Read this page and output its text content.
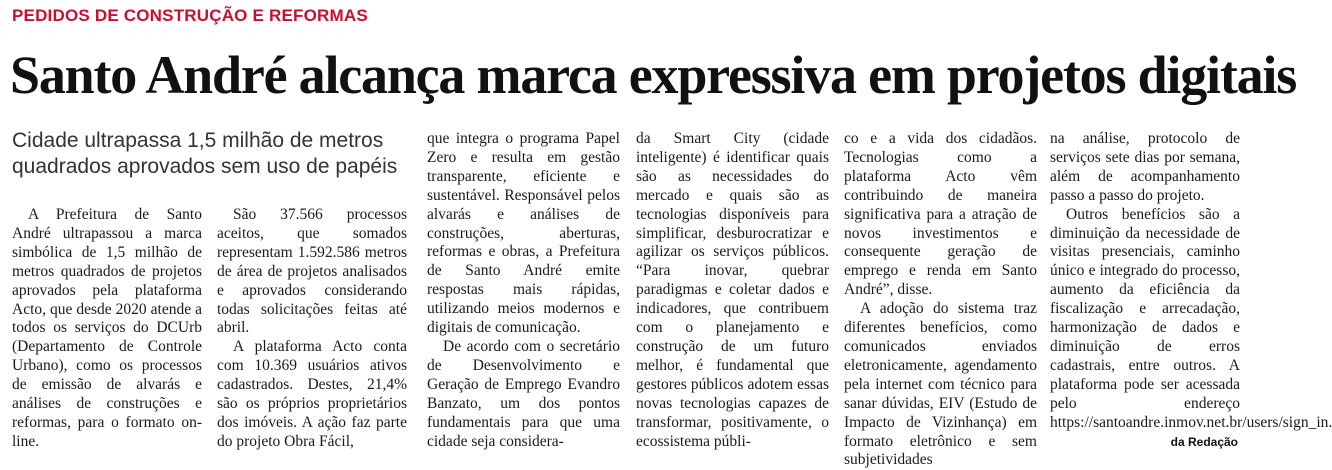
PEDIDOS DE CONSTRUÇÃO E REFORMAS
Santo André alcança marca expressiva em projetos digitais
Cidade ultrapassa 1,5 milhão de metros quadrados aprovados sem uso de papéis

A Prefeitura de Santo André ultrapassou a marca simbólica de 1,5 milhão de metros quadrados de projetos aprovados pela plataforma Acto, que desde 2020 atende a todos os serviços do DCUrb (Departamento de Controle Urbano), como os processos de emissão de alvarás e análises de construções e reformas, para o formato on-line.

São 37.566 processos aceitos, que somados representam 1.592.586 metros de área de projetos analisados e aprovados considerando todas solicitações feitas até abril.

A plataforma Acto conta com 10.369 usuários ativos cadastrados. Destes, 21,4% são os próprios proprietários dos imóveis. A ação faz parte do projeto Obra Fácil,

que integra o programa Papel Zero e resulta em gestão transparente, eficiente e sustentável. Responsável pelos alvarás e análises de construções, aberturas, reformas e obras, a Prefeitura de Santo André emite respostas mais rápidas, utilizando meios modernos e digitais de comunicação.

De acordo com o secretário de Desenvolvimento e Geração de Emprego Evandro Banzato, um dos pontos fundamentais para que uma cidade seja considera-

da Smart City (cidade inteligente) é identificar quais são as necessidades do mercado e quais são as tecnologias disponíveis para simplificar, desburocratizar e agilizar os serviços públicos. “Para inovar, quebrar paradigmas e coletar dados e indicadores, que contribuem com o planejamento e construção de um futuro melhor, é fundamental que gestores públicos adotem essas novas tecnologias capazes de transformar, positivamente, o ecossistema públi-

co e a vida dos cidadãos. Tecnologias como a plataforma Acto vêm contribuindo de maneira significativa para a atração de novos investimentos e consequente geração de emprego e renda em Santo André”, disse.

A adoção do sistema traz diferentes benefícios, como comunicados enviados eletronicamente, agendamento pela internet com técnico para sanar dúvidas, EIV (Estudo de Impacto de Vizinhança) em formato eletrônico e sem subjetividades

na análise, protocolo de serviços sete dias por semana, além de acompanhamento passo a passo do projeto.

Outros benefícios são a diminuição da necessidade de visitas presenciais, caminho único e integrado do processo, aumento da eficiência da fiscalização e arrecadação, harmonização de dados e diminuição de erros cadastrais, entre outros. A plataforma pode ser acessada pelo endereço https://santoandre.inmov.net.br/users/sign_in.

da Redação
